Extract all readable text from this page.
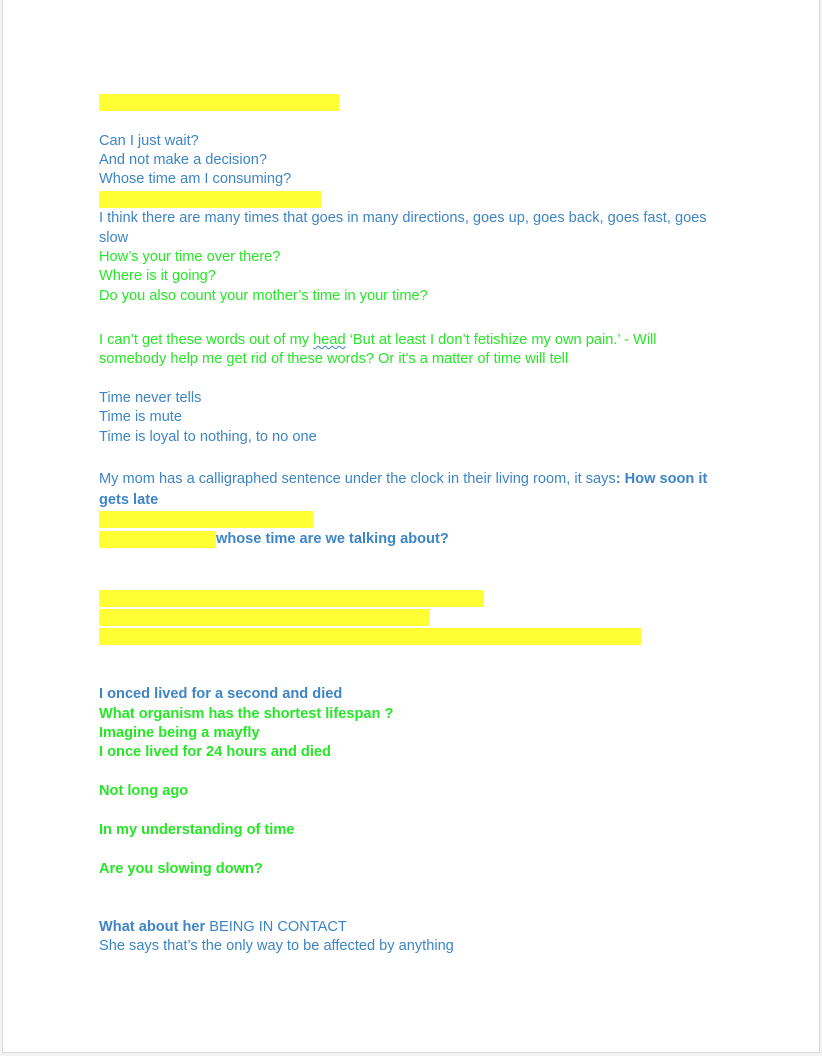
Can I just wait?
And not make a decision?
Whose time am I consuming?
I think there are many times that goes in many directions, goes up, goes back, goes fast, goes
slow
How’s your time over there?
Where is it going?
Do you also count your mother’s time in your time?
I can’t get these words out of my head ‘But at least I don’t fetishize my own pain.’ - Will
somebody help me get rid of these words? Or it's a matter of time will tell
Time never tells
Time is mute
Time is loyal to nothing, to no one
My mom has a calligraphed sentence under the clock in their living room, it says: How soon it
gets late
whose time are we talking about?
I onced lived for a second and died
What organism has the shortest lifespan ?
Imagine being a mayfly
I once lived for 24 hours and died
Not long ago
In my understanding of time
Are you slowing down?
What about her BEING IN CONTACT
She says that’s the only way to be affected by anything
